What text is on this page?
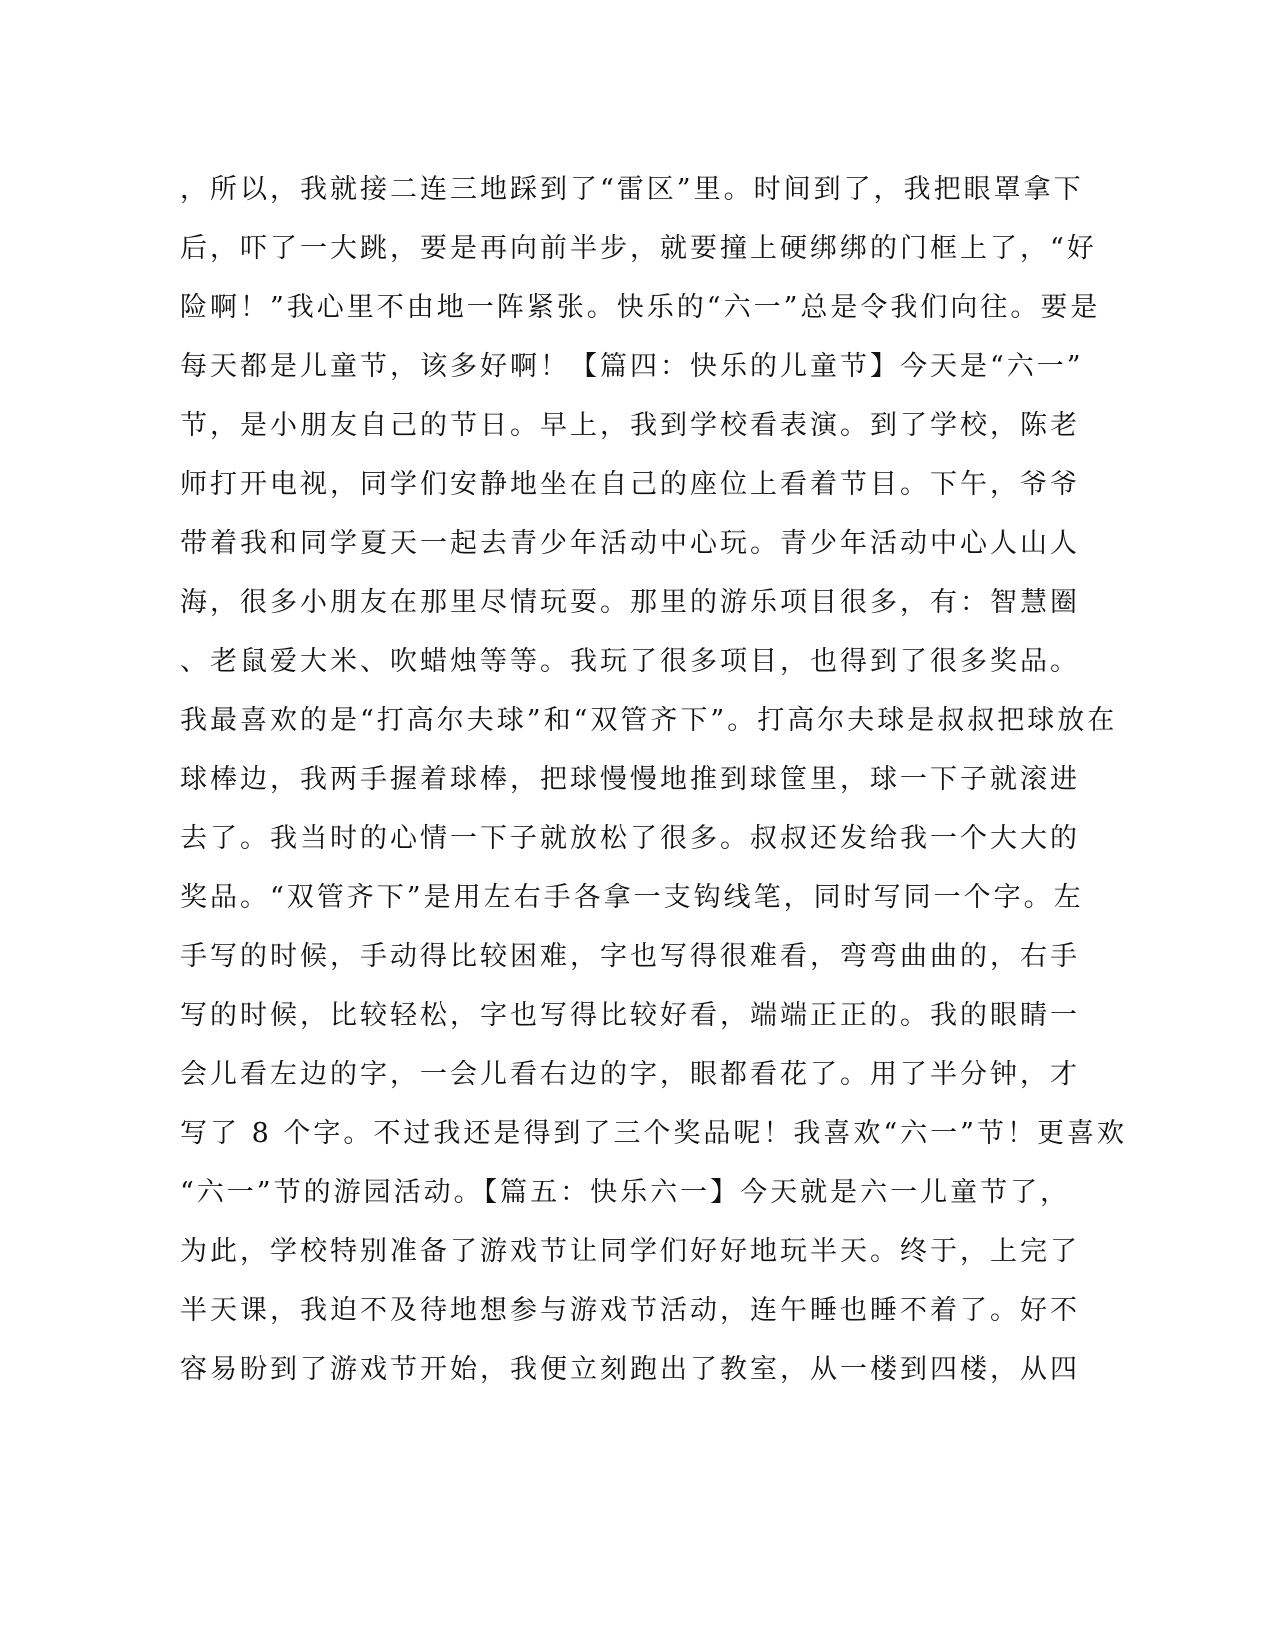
，所以，我就接二连三地踩到了“雷区”里。时间到了，我把眼罩拿下
后，吓了一大跳，要是再向前半步，就要撞上硬绑绑的门框上了，“好
险啊！”我心里不由地一阵紧张。快乐的“六一”总是令我们向往。要是
每天都是儿童节，该多好啊！【篇四：快乐的儿童节】今天是“六一”
节，是小朋友自己的节日。早上，我到学校看表演。到了学校，陈老
师打开电视，同学们安静地坐在自己的座位上看着节目。下午，爷爷
带着我和同学夏天一起去青少年活动中心玩。青少年活动中心人山人
海，很多小朋友在那里尽情玩耍。那里的游乐项目很多，有：智慧圈
、老鼠爱大米、吹蜡烛等等。我玩了很多项目，也得到了很多奖品。
我最喜欢的是“打高尔夫球”和“双管齐下”。打高尔夫球是叔叔把球放在
球棒边，我两手握着球棒，把球慢慢地推到球筐里，球一下子就滚进
去了。我当时的心情一下子就放松了很多。叔叔还发给我一个大大的
奖品。“双管齐下”是用左右手各拿一支钩线笔，同时写同一个字。左
手写的时候，手动得比较困难，字也写得很难看，弯弯曲曲的，右手
写的时候，比较轻松，字也写得比较好看，端端正正的。我的眼睛一
会儿看左边的字，一会儿看右边的字，眼都看花了。用了半分钟，才
写了 8 个字。不过我还是得到了三个奖品呢！我喜欢“六一”节！更喜欢
“六一”节的游园活动。【篇五：快乐六一】今天就是六一儿童节了，
为此，学校特别准备了游戏节让同学们好好地玩半天。终于，上完了
半天课，我迫不及待地想参与游戏节活动，连午睡也睡不着了。好不
容易盼到了游戏节开始，我便立刻跑出了教室，从一楼到四楼，从四
